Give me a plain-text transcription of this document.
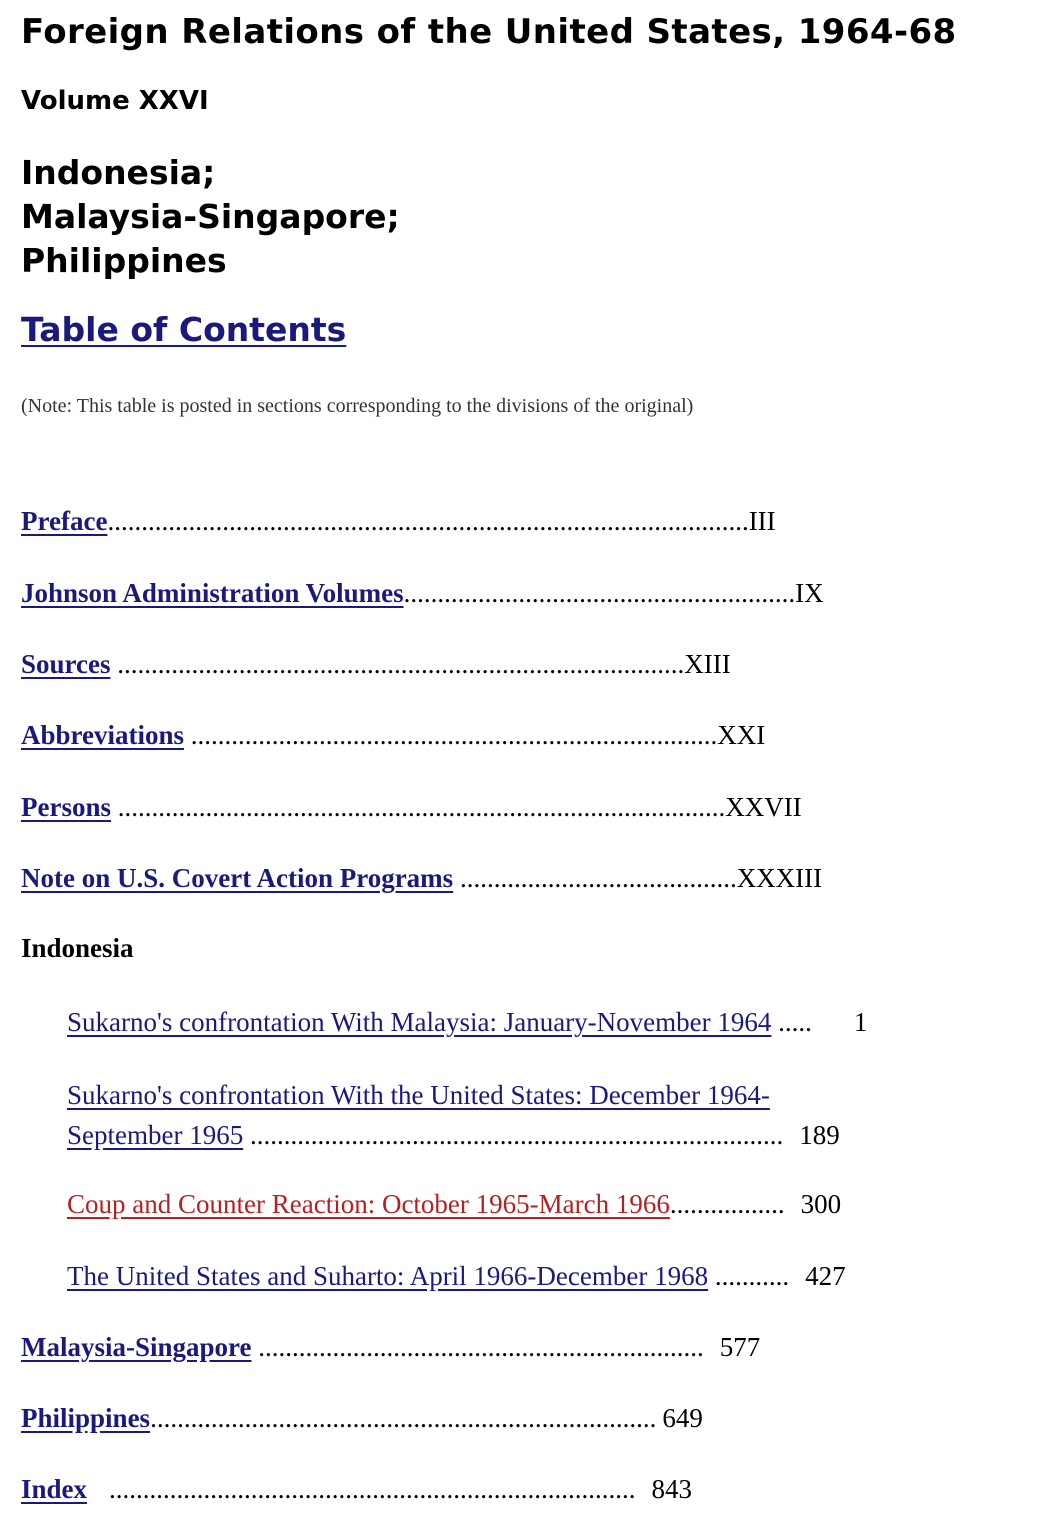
Foreign Relations of the United States, 1964-68
Volume XXVI
Indonesia;
Malaysia-Singapore;
Philippines
Table of Contents
(Note: This table is posted in sections corresponding to the divisions of the original)
Preface...............................................................................................III
Johnson Administration Volumes..........................................................IX
Sources ....................................................................................XIII
Abbreviations ..............................................................................XXI
Persons ..........................................................................................XXVII
Note on U.S. Covert Action Programs .........................................XXXIII
Indonesia
Sukarno's confrontation With Malaysia: January-November 1964 ..... 1
Sukarno's confrontation With the United States: December 1964-
September 1965 ............................................................................... 189
Coup and Counter Reaction: October 1965-March 1966................. 300
The United States and Suharto: April 1966-December 1968 ........... 427
Malaysia-Singapore .................................................................. 577
Philippines........................................................................... 649
Index .............................................................................. 843
